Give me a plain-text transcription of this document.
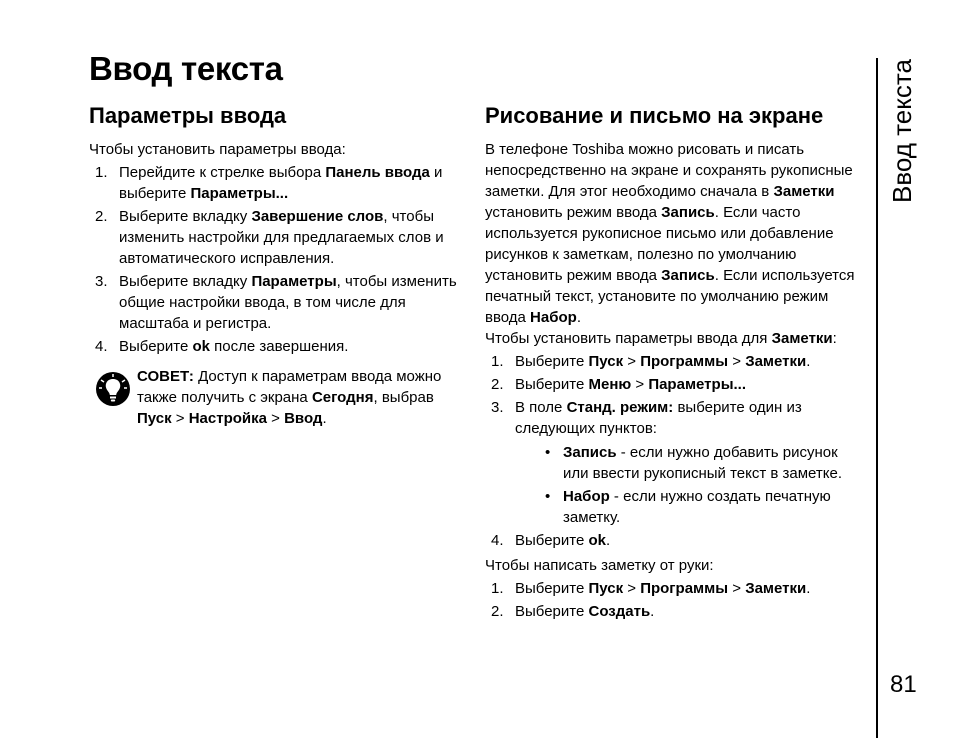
Ввод текста
Параметры ввода

Чтобы установить параметры ввода:

1. Перейдите к стрелке выбора Панель ввода и выберите Параметры...
2. Выберите вкладку Завершение слов, чтобы изменить настройки для предлагаемых слов и автоматического исправления.
3. Выберите вкладку Параметры, чтобы изменить общие настройки ввода, в том числе для масштаба и регистра.
4. Выберите ok после завершения.
СОВЕТ: Доступ к параметрам ввода можно также получить с экрана Сегодня, выбрав Пуск > Настройка > Ввод.
Рисование и письмо на экране

В телефоне Toshiba можно рисовать и писать непосредственно на экране и сохранять рукописные заметки. Для этог необходимо сначала в Заметки установить режим ввода Запись. Если часто используется рукописное письмо или добавление рисунков к заметкам, полезно по умолчанию установить режим ввода Запись. Если используется печатный текст, установите по умолчанию режим ввода Набор.

Чтобы установить параметры ввода для Заметки:

1. Выберите Пуск > Программы > Заметки.
2. Выберите Меню > Параметры...
3. В поле Станд. режим: выберите один из следующих пунктов:
• Запись - если нужно добавить рисунок или ввести рукописный текст в заметке.
• Набор - если нужно создать печатную заметку.
4. Выберите ok.

Чтобы написать заметку от руки:

1. Выберите Пуск > Программы > Заметки.
2. Выберите Создать.
Ввод текста
81
